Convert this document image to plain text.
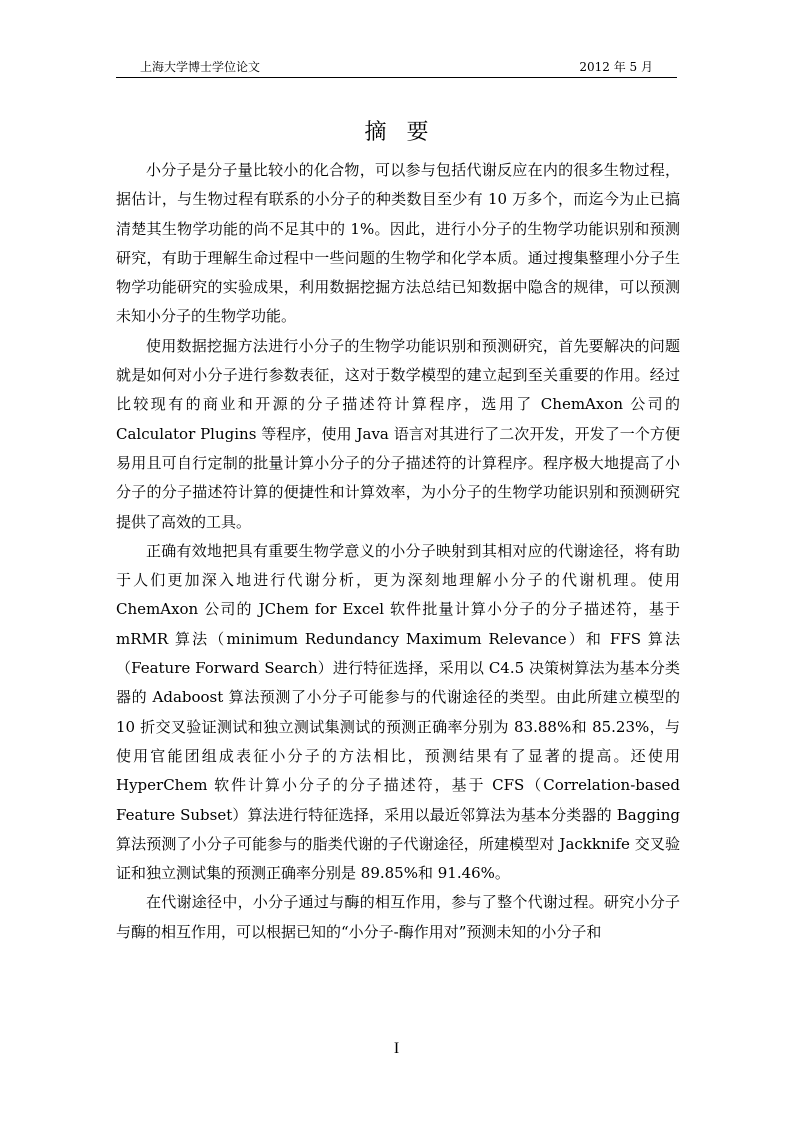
上海大学博士学位论文	2012 年 5 月
摘要

小分子是分子量比较小的化合物，可以参与包括代谢反应在内的很多生物过程，据估计，与生物过程有联系的小分子的种类数目至少有 10 万多个，而迄今为止已搞清楚其生物学功能的尚不足其中的 1%。因此，进行小分子的生物学功能识别和预测研究，有助于理解生命过程中一些问题的生物学和化学本质。通过搜集整理小分子生物学功能研究的实验成果，利用数据挖掘方法总结已知数据中隐含的规律，可以预测未知小分子的生物学功能。

使用数据挖掘方法进行小分子的生物学功能识别和预测研究，首先要解决的问题就是如何对小分子进行参数表征，这对于数学模型的建立起到至关重要的作用。经过比较现有的商业和开源的分子描述符计算程序，选用了 ChemAxon 公司的 Calculator Plugins 等程序，使用 Java 语言对其进行了二次开发，开发了一个方便易用且可自行定制的批量计算小分子的分子描述符的计算程序。程序极大地提高了小分子的分子描述符计算的便捷性和计算效率，为小分子的生物学功能识别和预测研究提供了高效的工具。

正确有效地把具有重要生物学意义的小分子映射到其相对应的代谢途径，将有助于人们更加深入地进行代谢分析，更为深刻地理解小分子的代谢机理。使用 ChemAxon 公司的 JChem for Excel 软件批量计算小分子的分子描述符，基于 mRMR 算法（minimum Redundancy Maximum Relevance）和 FFS 算法（Feature Forward Search）进行特征选择，采用以 C4.5 决策树算法为基本分类器的 Adaboost 算法预测了小分子可能参与的代谢途径的类型。由此所建立模型的 10 折交叉验证测试和独立测试集测试的预测正确率分别为 83.88%和 85.23%，与使用官能团组成表征小分子的方法相比，预测结果有了显著的提高。还使用 HyperChem 软件计算小分子的分子描述符，基于 CFS（Correlation-based Feature Subset）算法进行特征选择，采用以最近邻算法为基本分类器的 Bagging 算法预测了小分子可能参与的脂类代谢的子代谢途径，所建模型对 Jackknife 交叉验证和独立测试集的预测正确率分别是 89.85%和 91.46%。

在代谢途径中，小分子通过与酶的相互作用，参与了整个代谢过程。研究小分子与酶的相互作用，可以根据已知的“小分子-酶作用对”预测未知的小分子和

I
